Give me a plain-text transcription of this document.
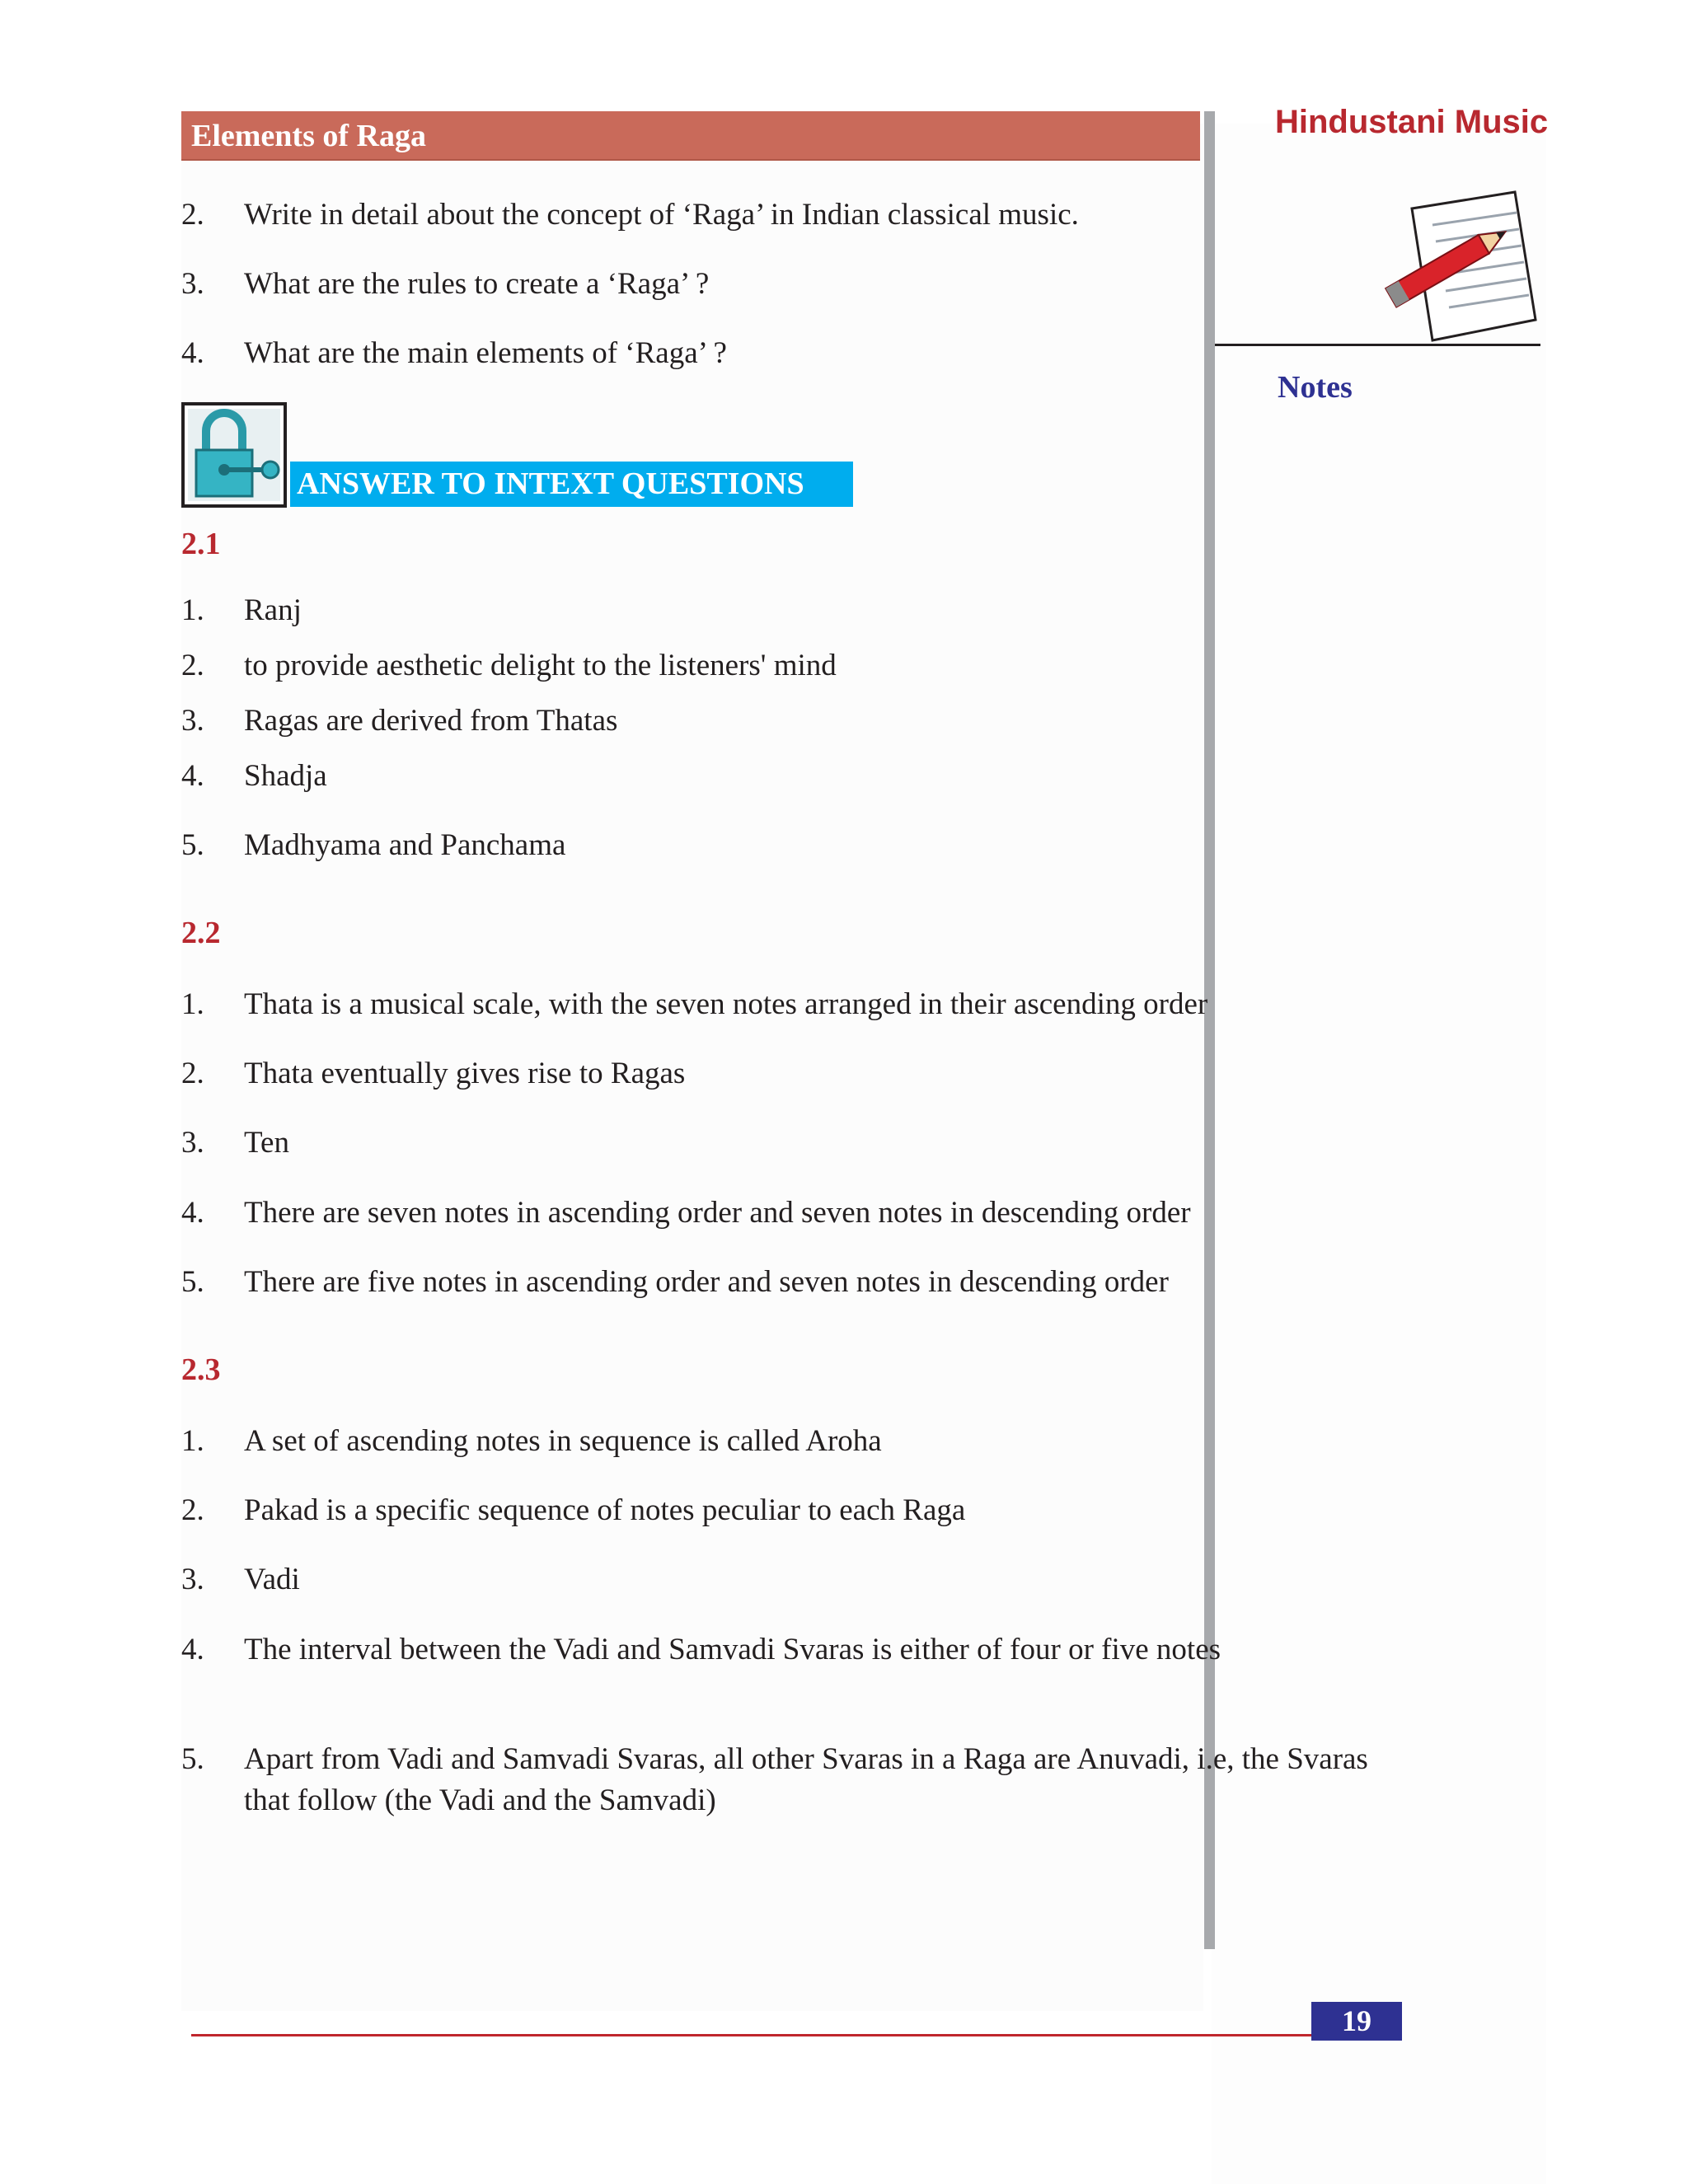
Elements of Raga	Hindustani Music
Notes
2. Write in detail about the concept of ‘Raga’ in Indian classical music.
3. What are the rules to create a ‘Raga’ ?
4. What are the main elements of ‘Raga’ ?
ANSWER TO INTEXT QUESTIONS
2.1
1. Ranj
2. to provide aesthetic delight to the listeners' mind
3. Ragas are derived from Thatas
4. Shadja
5. Madhyama and Panchama
2.2
1. Thata is a musical scale, with the seven notes arranged in their ascending order
2. Thata eventually gives rise to Ragas
3. Ten
4. There are seven notes in ascending order and seven notes in descending order
5. There are five notes in ascending order and seven notes in descending order
2.3
1. A set of ascending notes in sequence is called Aroha
2. Pakad is a specific sequence of notes peculiar to each Raga
3. Vadi
4. The interval between the Vadi and Samvadi Svaras is either of four or five notes
5. Apart from Vadi and Samvadi Svaras, all other Svaras in a Raga are Anuvadi, i.e, the Svaras that follow (the Vadi and the Samvadi)
19
